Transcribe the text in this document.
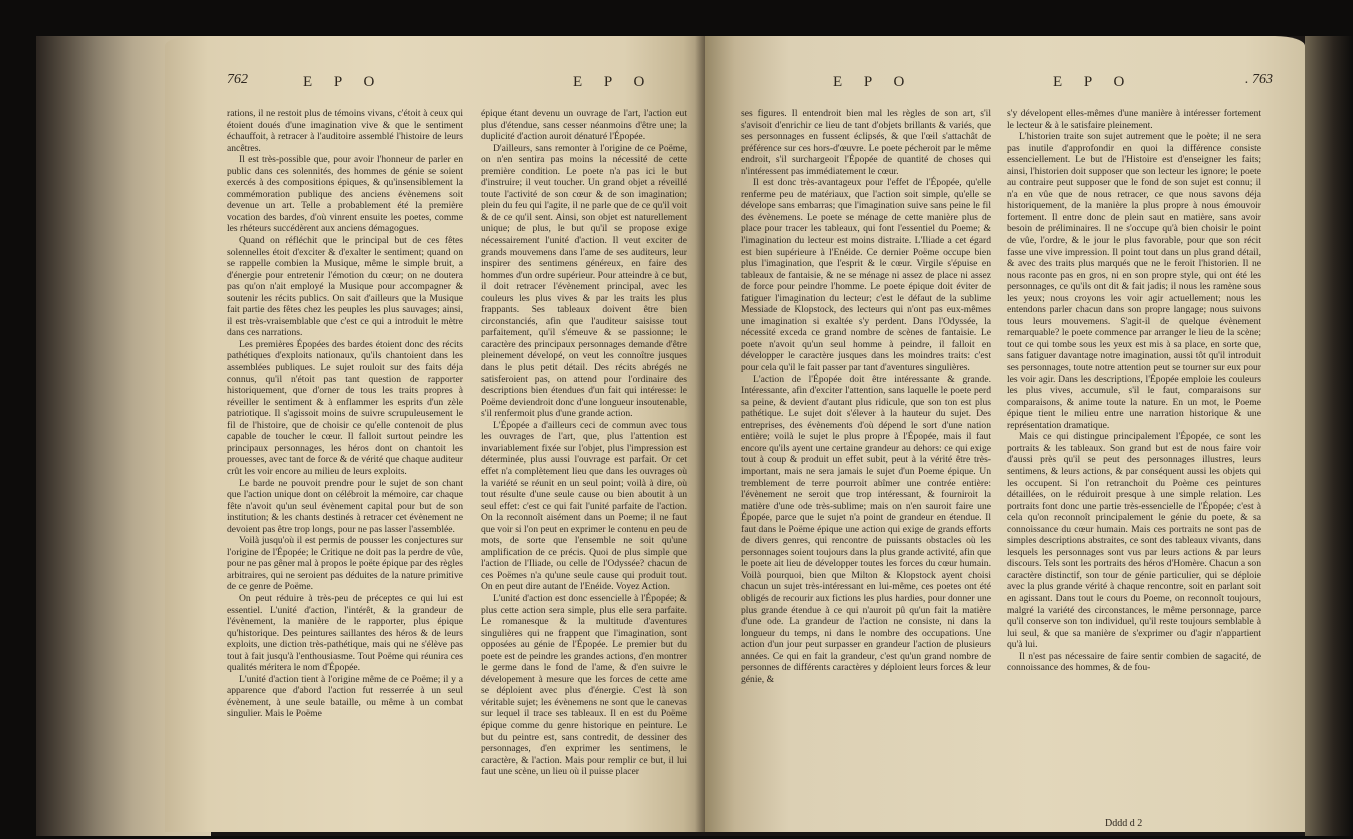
762	E P O	E P O

rations, il ne restoit plus de témoins vivans, c'étoit à ceux qui étoient doués d'une imagination vive & que le sentiment échauffoit, à retracer à l'auditoire assemblé l'histoire de leurs ancêtres.

Il est très-possible que, pour avoir l'honneur de parler en public dans ces solennités, des hommes de génie se soient exercés à des compositions épiques, & qu'insensiblement la commémoration publique des anciens évènemens soit devenue un art. Telle a probablement été la première vocation des bardes, d'où vinrent ensuite les poetes, comme les rhéteurs succédèrent aux anciens démagogues.

Quand on réfléchit que le principal but de ces fêtes solennelles étoit d'exciter & d'exalter le sentiment; quand on se rappelle combien la Musique, même le simple bruit, a d'énergie pour entretenir l'émotion du cœur; on ne doutera pas qu'on n'ait employé la Musique pour accompagner & soutenir les récits publics. On sait d'ailleurs que la Musique fait partie des fêtes chez les peuples les plus sauvages; ainsi, il est très-vraisemblable que c'est ce qui a introduit le mètre dans ces narrations.

Les premières Épopées des bardes étoient donc des récits pathétiques d'exploits nationaux, qu'ils chantoient dans les assemblées publiques. Le sujet rouloit sur des faits déja connus, qu'il n'étoit pas tant question de rapporter historiquement, que d'orner de tous les traits propres à réveiller le sentiment & à enflammer les esprits d'un zèle patriotique. Il s'agissoit moins de suivre scrupuleusement le fil de l'histoire, que de choisir ce qu'elle contenoit de plus capable de toucher le cœur. Il falloit surtout peindre les principaux personnages, les héros dont on chantoit les prouesses, avec tant de force & de vérité que chaque auditeur crût les voir encore au milieu de leurs exploits.

Le barde ne pouvoit prendre pour le sujet de son chant que l'action unique dont on célébroit la mémoire, car chaque fête n'avoit qu'un seul évènement capital pour but de son institution; & les chants destinés à retracer cet évènement ne devoient pas être trop longs, pour ne pas lasser l'assemblée.

Voilà jusqu'où il est permis de pousser les conjectures sur l'origine de l'Épopée; le Critique ne doit pas la perdre de vûe, pour ne pas gêner mal à propos le poëte épique par des règles arbitraires, qui ne seroient pas déduites de la nature primitive de ce genre de Poëme.

On peut réduire à très-peu de préceptes ce qui lui est essentiel. L'unité d'action, l'intérêt, & la grandeur de l'évènement, la manière de le rapporter, plus épique qu'historique. Des peintures saillantes des héros & de leurs exploits, une diction très-pathétique, mais qui ne s'élève pas tout à fait jusqu'à l'enthousiasme. Tout Poëme qui réunira ces qualités méritera le nom d'Épopée.

L'unité d'action tient à l'origine même de ce Poëme; il y a apparence que d'abord l'action fut resserrée à un seul évènement, à une seule bataille, ou même à un combat singulier. Mais le Poëme

épique étant devenu un ouvrage de l'art, l'action eut plus d'étendue, sans cesser néanmoins d'être une; la duplicité d'action auroit dénaturé l'Épopée.

D'ailleurs, sans remonter à l'origine de ce Poëme, on n'en sentira pas moins la nécessité de cette première condition. Le poete n'a pas ici le but d'instruire; il veut toucher. Un grand objet a réveillé toute l'activité de son cœur & de son imagination; plein du feu qui l'agite, il ne parle que de ce qu'il voit & de ce qu'il sent. Ainsi, son objet est naturellement unique; de plus, le but qu'il se propose exige nécessairement l'unité d'action. Il veut exciter de grands mouvemens dans l'ame de ses auditeurs, leur inspirer des sentimens généreux, en faire des hommes d'un ordre supérieur. Pour atteindre à ce but, il doit retracer l'évènement principal, avec les couleurs les plus vives & par les traits les plus frappants. Ses tableaux doivent être bien circonstanciés, afin que l'auditeur saisisse tout parfaitement, qu'il s'émeuve & se passionne; le caractère des principaux personnages demande d'être pleinement dévelopé, on veut les connoître jusques dans le plus petit détail. Des récits abrégés ne satisferoient pas, on attend pour l'ordinaire des descriptions bien étendues d'un fait qui intéresse: le Poëme deviendroit donc d'une longueur insoutenable, s'il renfermoit plus d'une grande action.

L'Épopée a d'ailleurs ceci de commun avec tous les ouvrages de l'art, que, plus l'attention est invariablement fixée sur l'objet, plus l'impression est déterminée, plus aussi l'ouvrage est parfait. Or cet effet n'a complètement lieu que dans les ouvrages où la variété se réunit en un seul point; voilà à dire, où tout résulte d'une seule cause ou bien aboutit à un seul effet: c'est ce qui fait l'unité parfaite de l'action. On la reconnoît aisément dans un Poeme; il ne faut que voir si l'on peut en exprimer le contenu en peu de mots, de sorte que l'ensemble ne soit qu'une amplification de ce précis. Quoi de plus simple que l'action de l'Iliade, ou celle de l'Odyssée? chacun de ces Poëmes n'a qu'une seule cause qui produit tout. On en peut dire autant de l'Enéide. Voyez Action.

L'unité d'action est donc essencielle à l'Épopée; & plus cette action sera simple, plus elle sera parfaite. Le romanesque & la multitude d'aventures singulières qui ne frappent que l'imagination, sont opposées au génie de l'Épopée. Le premier but du poete est de peindre les grandes actions, d'en montrer le germe dans le fond de l'ame, & d'en suivre le dévelopement à mesure que les forces de cette ame se déploient avec plus d'énergie. C'est là son véritable sujet; les évènemens ne sont que le canevas sur lequel il trace ses tableaux. Il en est du Poëme épique comme du genre historique en peinture. Le but du peintre est, sans contredit, de dessiner des personnages, d'en exprimer les sentimens, le caractère, & l'action. Mais pour remplir ce but, il lui faut une scène, un lieu où il puisse placer

E P O	E P O	. 763

ses figures. Il entendroit bien mal les règles de son art, s'il s'avisoit d'enrichir ce lieu de tant d'objets brillants & variés, que ses personnages en fussent éclipsés, & que l'œil s'attachât de préférence sur ces hors-d'œuvre. Le poete pécheroit par le même endroit, s'il surchargeoit l'Épopée de quantité de choses qui n'intéressent pas immédiatement le cœur.

Il est donc très-avantageux pour l'effet de l'Épopée, qu'elle renferme peu de matériaux, que l'action soit simple, qu'elle se dévelope sans embarras; que l'imagination suive sans peine le fil des évènemens. Le poete se ménage de cette manière plus de place pour tracer les tableaux, qui font l'essentiel du Poeme; & l'imagination du lecteur est moins distraite. L'Iliade a cet égard est bien supérieure à l'Enéide. Ce dernier Poëme occupe bien plus l'imagination, que l'esprit & le cœur. Virgile s'épuise en tableaux de fantaisie, & ne se ménage ni assez de place ni assez de force pour peindre l'homme. Le poete épique doit éviter de fatiguer l'imagination du lecteur; c'est le défaut de la sublime Messiade de Klopstock, des lecteurs qui n'ont pas eux-mêmes une imagination si exaltée s'y perdent. Dans l'Odyssée, la nécessité exceda ce grand nombre de scènes de fantaisie. Le poete n'avoit qu'un seul homme à peindre, il falloit en développer le caractère jusques dans les moindres traits: c'est pour cela qu'il le fait passer par tant d'aventures singulières.

L'action de l'Épopée doit être intéressante & grande. Intéressante, afin d'exciter l'attention, sans laquelle le poete perd sa peine, & devient d'autant plus ridicule, que son ton est plus pathétique. Le sujet doit s'élever à la hauteur du sujet. Des entreprises, des évènements d'où dépend le sort d'une nation entière; voilà le sujet le plus propre à l'Épopée, mais il faut encore qu'ils ayent une certaine grandeur au dehors: ce qui exige tout à coup & produit un effet subit, peut à la vérité être très-important, mais ne sera jamais le sujet d'un Poeme épique. Un tremblement de terre pourroit abîmer une contrée entière: l'évènement ne seroit que trop intéressant, & fourniroit la matière d'une ode très-sublime; mais on n'en sauroit faire une Épopée, parce que le sujet n'a point de grandeur en étendue. Il faut dans le Poëme épique une action qui exige de grands efforts de divers genres, qui rencontre de puissants obstacles où les personnages soient toujours dans la plus grande activité, afin que le poete ait lieu de développer toutes les forces du cœur humain. Voilà pourquoi, bien que Milton & Klopstock ayent choisi chacun un sujet très-intéressant en lui-même, ces poetes ont été obligés de recourir aux fictions les plus hardies, pour donner une plus grande étendue à ce qui n'auroit pû qu'un fait la matière d'une ode. La grandeur de l'action ne consiste, ni dans la longueur du temps, ni dans le nombre des occupations. Une action d'un jour peut surpasser en grandeur l'action de plusieurs années. Ce qui en fait la grandeur, c'est qu'un grand nombre de personnes de différents caractères y déploient leurs forces & leur génie, &

s'y dévelopent elles-mêmes d'une manière à intéresser fortement le lecteur & à le satisfaire pleinement.

L'historien traite son sujet autrement que le poète; il ne sera pas inutile d'approfondir en quoi la différence consiste essenciellement. Le but de l'Histoire est d'enseigner les faits; ainsi, l'historien doit supposer que son lecteur les ignore; le poete au contraire peut supposer que le fond de son sujet est connu; il n'a en vûe que de nous retracer, ce que nous savons déja historiquement, de la manière la plus propre à nous émouvoir fortement. Il entre donc de plein saut en matière, sans avoir besoin de préliminaires. Il ne s'occupe qu'à bien choisir le point de vûe, l'ordre, & le jour le plus favorable, pour que son récit fasse une vive impression. Il point tout dans un plus grand détail, & avec des traits plus marqués que ne le feroit l'historien. Il ne nous raconte pas en gros, ni en son propre style, qui ont été les personnages, ce qu'ils ont dit & fait jadis; il nous les ramène sous les yeux; nous croyons les voir agir actuellement; nous les entendons parler chacun dans son propre langage; nous suivons tous leurs mouvemens. S'agit-il de quelque évènement remarquable? le poete commence par arranger le lieu de la scène; tout ce qui tombe sous les yeux est mis à sa place, en sorte que, sans fatiguer davantage notre imagination, aussi tôt qu'il introduit ses personnages, toute notre attention peut se tourner sur eux pour les voir agir. Dans les descriptions, l'Épopée emploie les couleurs les plus vives, accumule, s'il le faut, comparaisons sur comparaisons, & anime toute la nature. En un mot, le Poeme épique tient le milieu entre une narration historique & une représentation dramatique.

Mais ce qui distingue principalement l'Épopée, ce sont les portraits & les tableaux. Son grand but est de nous faire voir d'aussi près qu'il se peut des personnages illustres, leurs sentimens, & leurs actions, & par conséquent aussi les objets qui les occupent. Si l'on retranchoit du Poème ces peintures détaillées, on le réduiroit presque à une simple relation. Les portraits font donc une partie très-essencielle de l'Épopée; c'est à cela qu'on reconnoît principalement le génie du poete, & sa connoissance du cœur humain. Mais ces portraits ne sont pas de simples descriptions abstraites, ce sont des tableaux vivants, dans lesquels les personnages sont vus par leurs actions & par leurs discours. Tels sont les portraits des héros d'Homère. Chacun a son caractère distinctif, son tour de génie particulier, qui se déploie avec la plus grande vérité à chaque rencontre, soit en parlant soit en agissant. Dans tout le cours du Poeme, on reconnoît toujours, malgré la variété des circonstances, le même personnage, parce qu'il conserve son ton individuel, qu'il reste toujours semblable à lui seul, & que sa manière de s'exprimer ou d'agir n'appartient qu'à lui.

Il n'est pas nécessaire de faire sentir combien de sagacité, de connoissance des hommes, & de fou-

Dddd d 2
